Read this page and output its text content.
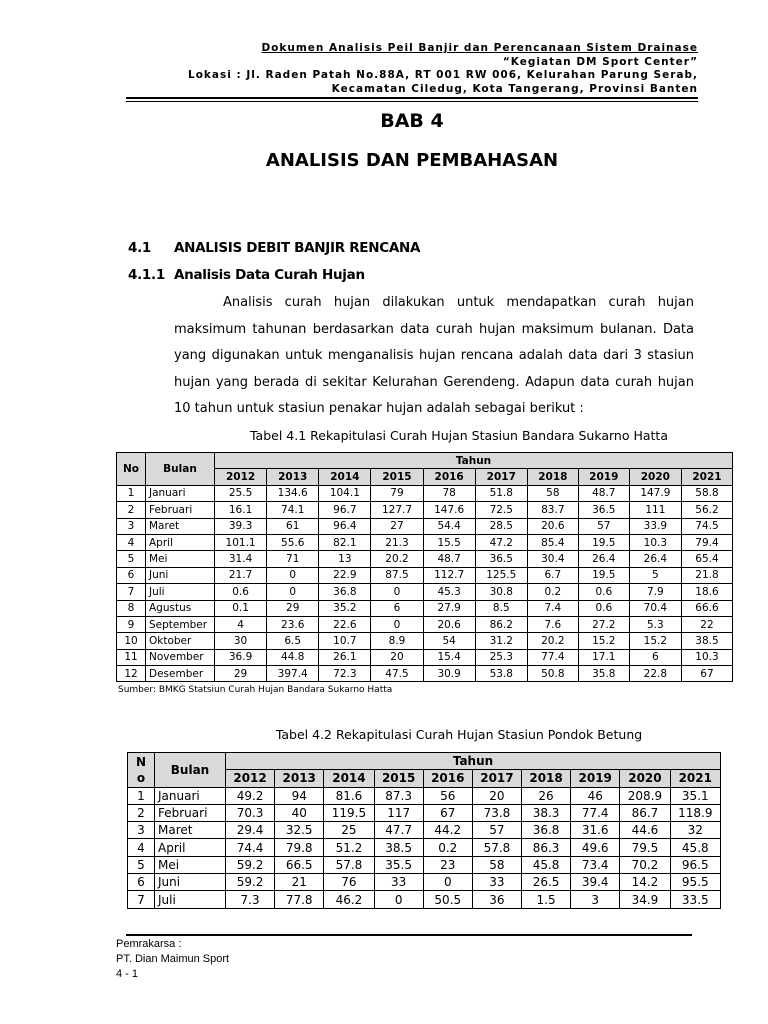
Dokumen Analisis Peil Banjir dan Perencanaan Sistem Drainase
“Kegiatan DM Sport Center”
Lokasi : Jl. Raden Patah No.88A, RT 001 RW 006, Kelurahan Parung Serab,
Kecamatan Ciledug, Kota Tangerang, Provinsi Banten
BAB 4
ANALISIS DAN PEMBAHASAN
4.1 ANALISIS DEBIT BANJIR RENCANA
4.1.1 Analisis Data Curah Hujan

Analisis curah hujan dilakukan untuk mendapatkan curah hujan maksimum tahunan berdasarkan data curah hujan maksimum bulanan. Data yang digunakan untuk menganalisis hujan rencana adalah data dari 3 stasiun hujan yang berada di sekitar Kelurahan Gerendeng. Adapun data curah hujan 10 tahun untuk stasiun penakar hujan adalah sebagai berikut :

Tabel 4.1 Rekapitulasi Curah Hujan Stasiun Bandara Sukarno Hatta
No	Bulan	Tahun									
		2012	2013	2014	2015	2016	2017	2018	2019	2020	2021
1	Januari	25.5	134.6	104.1	79	78	51.8	58	48.7	147.9	58.8
2	Februari	16.1	74.1	96.7	127.7	147.6	72.5	83.7	36.5	111	56.2
3	Maret	39.3	61	96.4	27	54.4	28.5	20.6	57	33.9	74.5
4	April	101.1	55.6	82.1	21.3	15.5	47.2	85.4	19.5	10.3	79.4
5	Mei	31.4	71	13	20.2	48.7	36.5	30.4	26.4	26.4	65.4
6	Juni	21.7	0	22.9	87.5	112.7	125.5	6.7	19.5	5	21.8
7	Juli	0.6	0	36.8	0	45.3	30.8	0.2	0.6	7.9	18.6
8	Agustus	0.1	29	35.2	6	27.9	8.5	7.4	0.6	70.4	66.6
9	September	4	23.6	22.6	0	20.6	86.2	7.6	27.2	5.3	22
10	Oktober	30	6.5	10.7	8.9	54	31.2	20.2	15.2	15.2	38.5
11	November	36.9	44.8	26.1	20	15.4	25.3	77.4	17.1	6	10.3
12	Desember	29	397.4	72.3	47.5	30.9	53.8	50.8	35.8	22.8	67
Sumber: BMKG Statsiun Curah Hujan Bandara Sukarno Hatta
Tabel 4.2 Rekapitulasi Curah Hujan Stasiun Pondok Betung
N o	Bulan	Tahun									
		2012	2013	2014	2015	2016	2017	2018	2019	2020	2021
1	Januari	49.2	94	81.6	87.3	56	20	26	46	208.9	35.1
2	Februari	70.3	40	119.5	117	67	73.8	38.3	77.4	86.7	118.9
3	Maret	29.4	32.5	25	47.7	44.2	57	36.8	31.6	44.6	32
4	April	74.4	79.8	51.2	38.5	0.2	57.8	86.3	49.6	79.5	45.8
5	Mei	59.2	66.5	57.8	35.5	23	58	45.8	73.4	70.2	96.5
6	Juni	59.2	21	76	33	0	33	26.5	39.4	14.2	95.5
7	Juli	7.3	77.8	46.2	0	50.5	36	1.5	3	34.9	33.5
Pemrakarsa :
PT. Dian Maimun Sport
4 - 1
